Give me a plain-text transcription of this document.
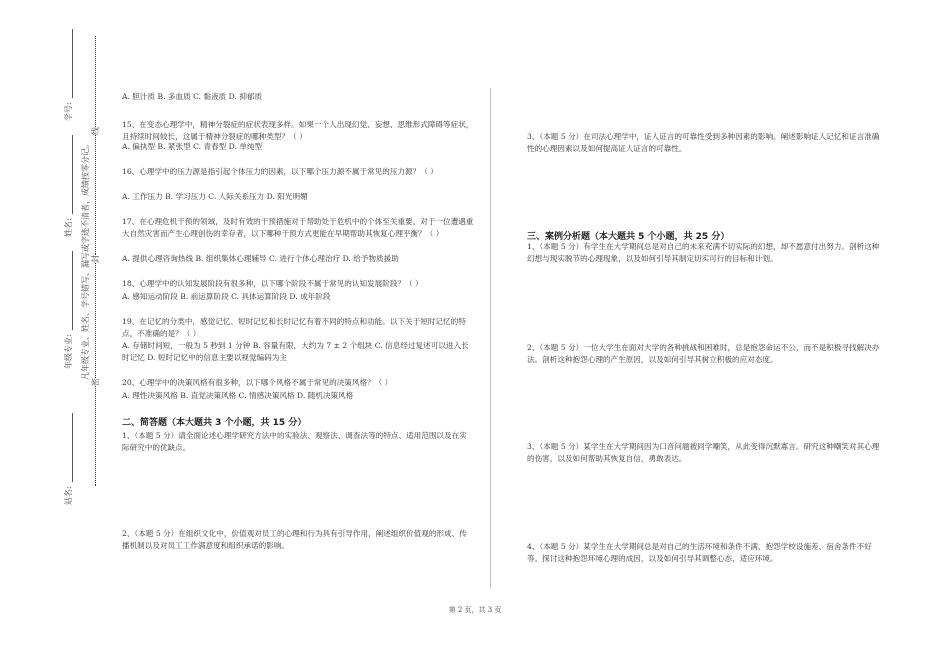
站名:
年级专业:
姓名:
学号:
凡年级专业、姓名、学号错写、漏写或字迹不清者，成绩按零分记。
密
封
线
A. 胆汁质 B. 多血质 C. 黏液质 D. 抑郁质
15、在变态心理学中，精神分裂症的症状表现多样。如果一个人出现幻觉、妄想、思维形式障碍等症状，且持续时间较长，这属于精神分裂症的哪种类型？（ ）
A. 偏执型 B. 紧张型 C. 青春型 D. 单纯型
16、心理学中的压力源是指引起个体压力的因素，以下哪个压力源不属于常见的压力源？（ ）
A. 工作压力 B. 学习压力 C. 人际关系压力 D. 阳光明媚
17、在心理危机干预的领域，及时有效的干预措施对于帮助处于危机中的个体至关重要。对于一位遭遇重大自然灾害而产生心理创伤的幸存者，以下哪种干预方式更能在早期帮助其恢复心理平衡？（ ）
A. 提供心理咨询热线 B. 组织集体心理辅导 C. 进行个体心理治疗 D. 给予物质援助
18、心理学中的认知发展阶段有很多种，以下哪个阶段不属于常见的认知发展阶段？（ ）
A. 感知运动阶段 B. 前运算阶段 C. 具体运算阶段 D. 成年阶段
19、在记忆的分类中，感觉记忆、短时记忆和长时记忆有着不同的特点和功能。以下关于短时记忆的特点，不准确的是？（ ）
A. 存储时间短，一般为 5 秒到 1 分钟 B. 容量有限，大约为 7 ± 2 个组块 C. 信息经过复述可以进入长时记忆 D. 短时记忆中的信息主要以视觉编码为主
20、心理学中的决策风格有很多种，以下哪个风格不属于常见的决策风格？（ ）
A. 理性决策风格 B. 直觉决策风格 C. 情感决策风格 D. 随机决策风格
二、简答题（本大题共 3 个小题，共 15 分）
1、（本题 5 分）请全面论述心理学研究方法中的实验法、观察法、调查法等的特点、适用范围以及在实际研究中的优缺点。
2、（本题 5 分）在组织文化中，价值观对员工的心理和行为具有引导作用，阐述组织价值观的形成、传播机制以及对员工工作满意度和组织承诺的影响。
3、（本题 5 分）在司法心理学中，证人证言的可靠性受到多种因素的影响。阐述影响证人记忆和证言准确性的心理因素以及如何提高证人证言的可靠性。
三、案例分析题（本大题共 5 个小题，共 25 分）
1、（本题 5 分）有学生在大学期间总是对自己的未来充满不切实际的幻想，却不愿意付出努力。剖析这种幻想与现实脱节的心理现象，以及如何引导其制定切实可行的目标和计划。
2、（本题 5 分）一位大学生在面对大学的各种挑战和困难时，总是抱怨命运不公，而不是积极寻找解决办法。剖析这种抱怨心理的产生原因，以及如何引导其树立积极的应对态度。
3、（本题 5 分）某学生在大学期间因为口音问题被同学嘲笑，从此变得沉默寡言。研究这种嘲笑对其心理的伤害，以及如何帮助其恢复自信，勇敢表达。
4、（本题 5 分）某学生在大学期间总是对自己的生活环境和条件不满，抱怨学校设施差、宿舍条件不好等。探讨这种抱怨环境心理的成因，以及如何引导其调整心态，适应环境。
第 2 页，共 3 页
